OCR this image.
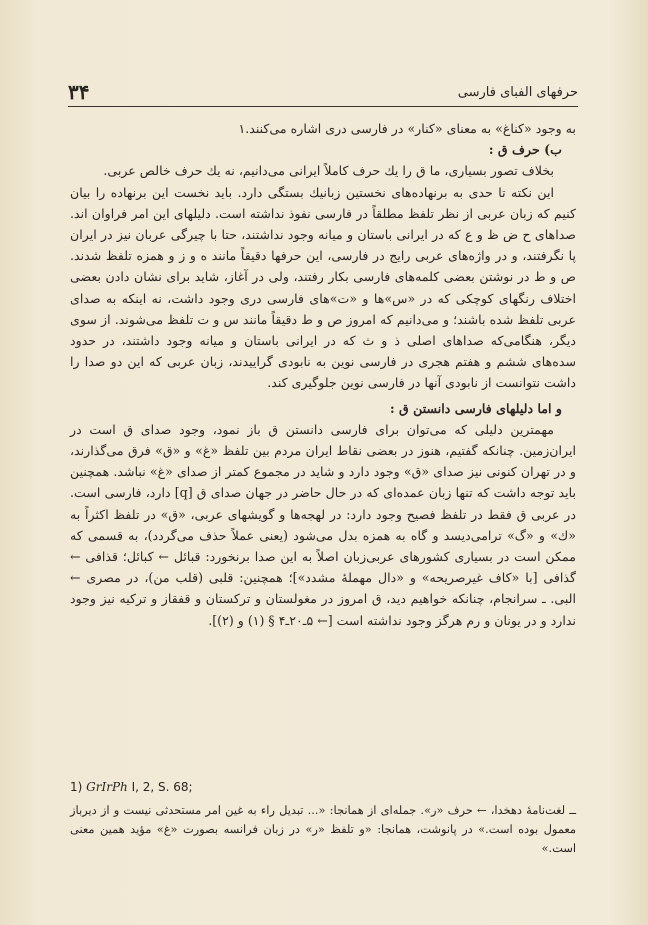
۳۴	حرفهای الفبای فارسی

به وجود «کناغ» به معنای «کنار» در فارسی دری اشاره می‌کنند.۱

ب) حرف ق :

بخلاف تصور بسیاری، ما ق را یك حرف کاملاً ایرانی می‌دانیم، نه یك حرف خالص عربی.

این نکته تا حدی به برنهاده‌های نخستین زبانیك بستگی دارد. باید نخست این برنهاده را بیان کنیم که زبان عربی از نظر تلفظ مطلقاً در فارسی نفوذ نداشته است. دلیلهای این امر فراوان اند. صداهای ح ض ظ و ع که در ایرانی باستان و میانه وجود نداشتند، حتا با چیرگی عربان نیز در ایران پا نگرفتند، و در واژه‌های عربی رایج در فارسی، این حرفها دقیقاً مانند ه و ز و همزه تلفظ شدند. ص و ط در نوشتن بعضی کلمه‌های فارسی بکار رفتند، ولی در آغاز، شاید برای نشان دادن بعضی اختلاف رنگهای کوچکی که در «س»ها و «ت»های فارسی دری وجود داشت، نه اینکه به صدای عربی تلفظ شده باشند؛ و می‌دانیم که امروز ص و ط دقیقاً مانند س و ت تلفظ می‌شوند. از سوی دیگر، هنگامی‌که صداهای اصلی ذ و ث که در ایرانی باستان و میانه وجود داشتند، در حدود سده‌های ششم و هفتم هجری در فارسی نوین به نابودی گراییدند، زبان عربی که این دو صدا را داشت نتوانست از نابودی آنها در فارسی نوین جلوگیری کند.

و اما دلیلهای فارسی دانستن ق :

مهمترین دلیلی که می‌توان برای فارسی دانستن ق باز نمود، وجود صدای ق است در ایران‌زمین. چنانکه گفتیم، هنوز در بعضی نقاط ایران مردم بین تلفظ «غ» و «ق» فرق می‌گذارند، و در تهران کنونی نیز صدای «ق» وجود دارد و شاید در مجموع کمتر از صدای «غ» نباشد. همچنین باید توجه داشت که تنها زبان عمده‌ای که در حال حاضر در جهان صدای ق [q] دارد، فارسی است. در عربی ق فقط در تلفظ فصیح وجود دارد: در لهجه‌ها و گویشهای عربی، «ق» در تلفظ اکثراً به «ك» و «گ» ترامی‌دیسد و گاه به همزه بدل می‌شود (یعنی عملاً حذف می‌گردد)، به قسمی که ممکن است در بسیاری کشورهای عربی‌زبان اصلاً به این صدا برنخورد: قبائل ← کبائل؛ قذافی ← گذافی [با «کاف غیرصریحه» و «دال مهملهٔ مشدد»]؛ همچنین: قلبی (قلب من)، در مصری ← البی. ـ سرانجام، چنانکه خواهیم دید، ق امروز در مغولستان و ترکستان و قفقاز و ترکیه نیز وجود ندارد و در یونان و رم هرگز وجود نداشته است [← ۵ـ۲۰ـ۴ § (۱) و (۲)].

1) GrIrPh I, 2, S. 68;

ــ لغت‌نامهٔ دهخدا، ← حرف «ر». جمله‌ای از همانجا: «... تبدیل راء به غین امر مستحدثی نیست و از دیرباز معمول بوده است.» در پانوشت، همانجا: «و تلفظ «ر» در زبان فرانسه بصورت «غ» مؤید همین معنی است.»
